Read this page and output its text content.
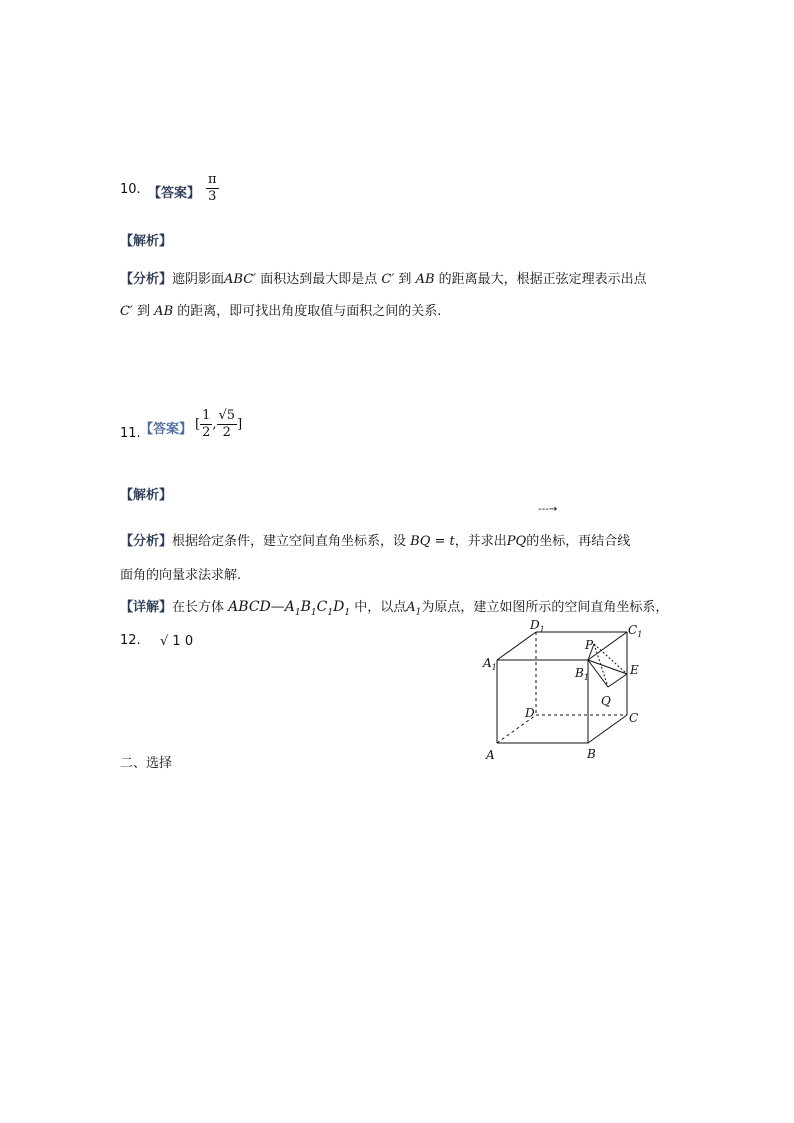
10. 【答案】 $\frac{\pi}{3}$
【解析】
【分析】遮阴影面ABC′ 面积达到最大即是点 C′ 到 AB 的距离最大，根据正弦定理表示出点
C′ 到 AB 的距离，即可找出角度取值与面积之间的关系.
11. 【答案】 [ $\frac{1}{2}$ , $\frac{√5}{2}$ ]
【解析】
---→
【分析】根据给定条件，建立空间直角坐标系，设 BQ = t，并求出PQ的坐标，再结合线
面角的向量求法求解.
【详解】在长方体 $ABCD—A_1B_1C_1D_1$ 中，以点$A_1$为原点，建立如图所示的空间直角坐标系，
12. √ 1 0
二、选择
$D_1$	$C_1$
$A_1$	$B_1$
P
E
Q
D	C
A	B
